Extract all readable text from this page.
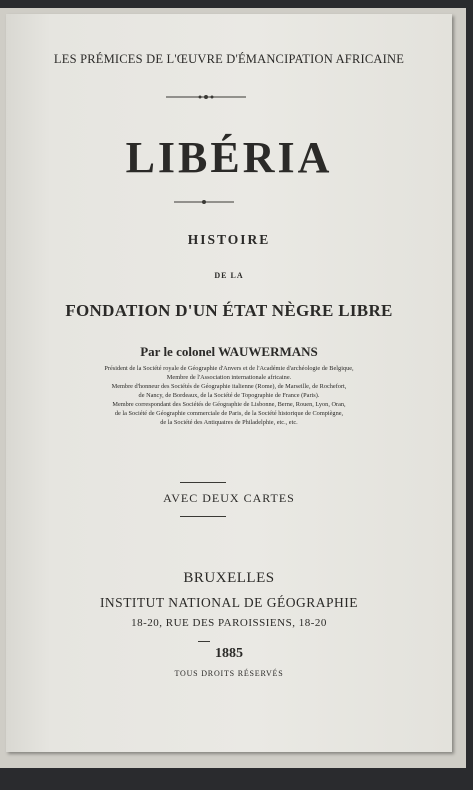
LES PRÉMICES DE L'ŒUVRE D'ÉMANCIPATION AFRICAINE
LIBÉRIA
HISTOIRE
DE LA
FONDATION D'UN ÉTAT NÈGRE LIBRE
Par le colonel WAUWERMANS
Président de la Société royale de Géographie d'Anvers et de l'Académie d'archéologie de Belgique,
Membre de l'Association internationale africaine.
Membre d'honneur des Sociétés de Géographie italienne (Rome), de Marseille, de Rochefort,
de Nancy, de Bordeaux, de la Société de Topographie de France (Paris).
Membre correspondant des Sociétés de Géographie de Lisbonne, Berne, Rouen, Lyon, Oran,
de la Société de Géographie commerciale de Paris, de la Société historique de Compiègne,
de la Société des Antiquaires de Philadelphie, etc., etc.
AVEC DEUX CARTES
BRUXELLES
INSTITUT NATIONAL DE GÉOGRAPHIE
18-20, RUE DES PAROISSIENS, 18-20
1885
TOUS DROITS RÉSERVÉS
